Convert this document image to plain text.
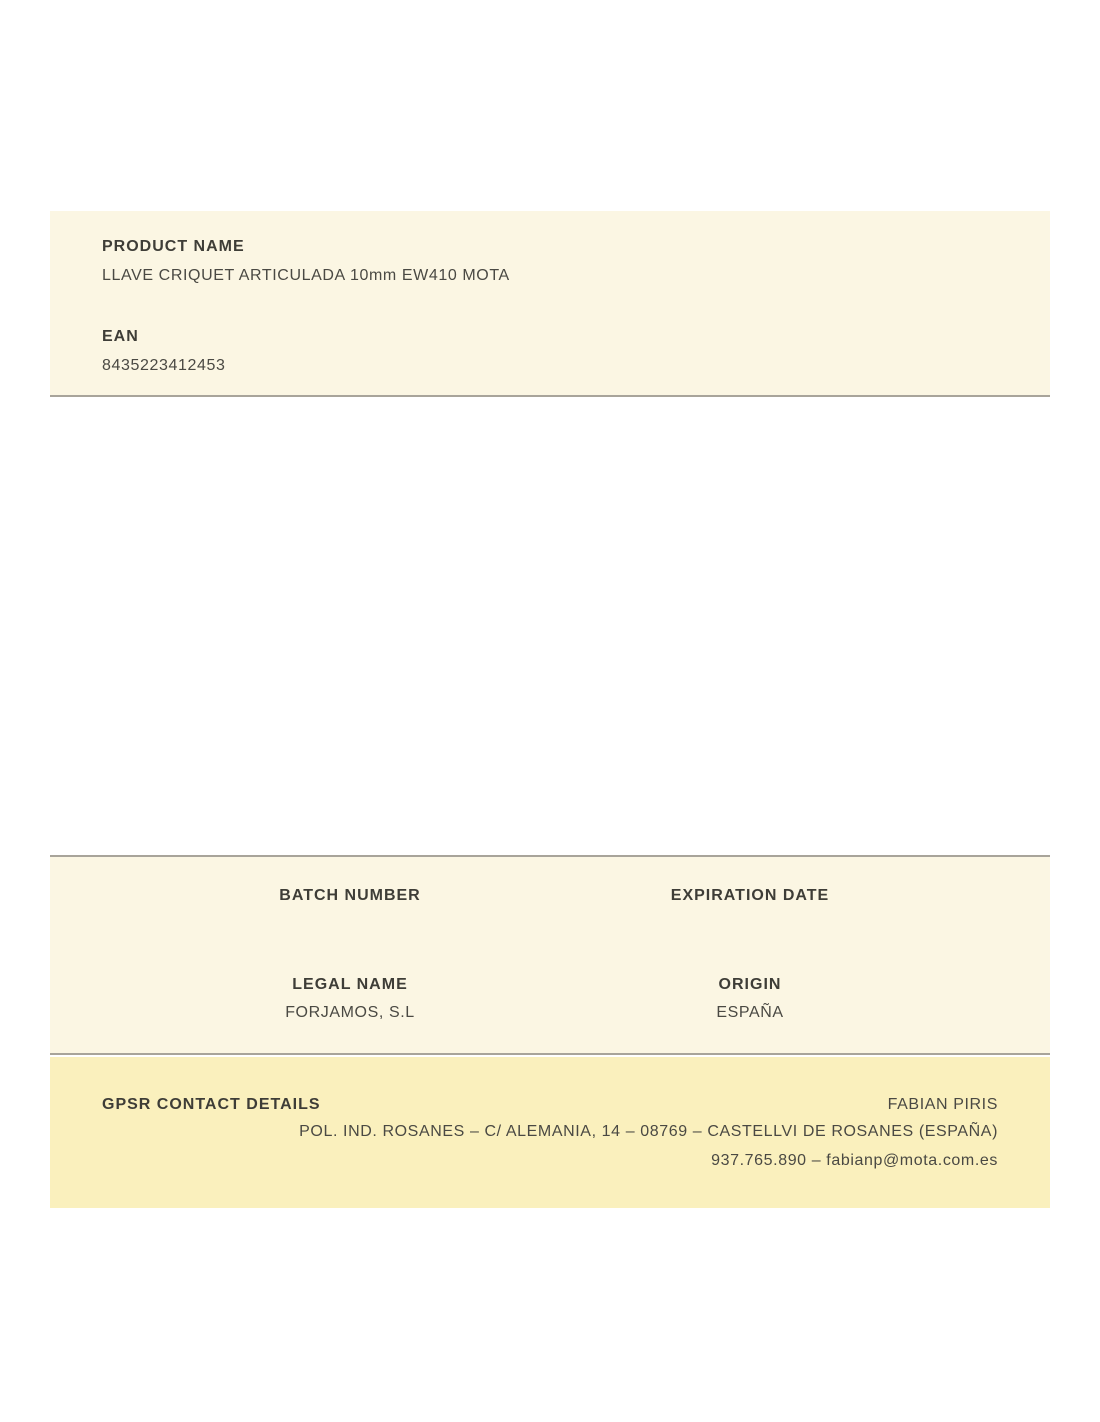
PRODUCT NAME
LLAVE CRIQUET ARTICULADA 10mm EW410 MOTA
EAN
8435223412453
BATCH NUMBER	EXPIRATION DATE
LEGAL NAME	ORIGIN
FORJAMOS, S.L	ESPAÑA
GPSR CONTACT DETAILS	FABIAN PIRIS
POL. IND. ROSANES – C/ ALEMANIA, 14 – 08769 – CASTELLVI DE ROSANES (ESPAÑA)
937.765.890 – fabianp@mota.com.es
